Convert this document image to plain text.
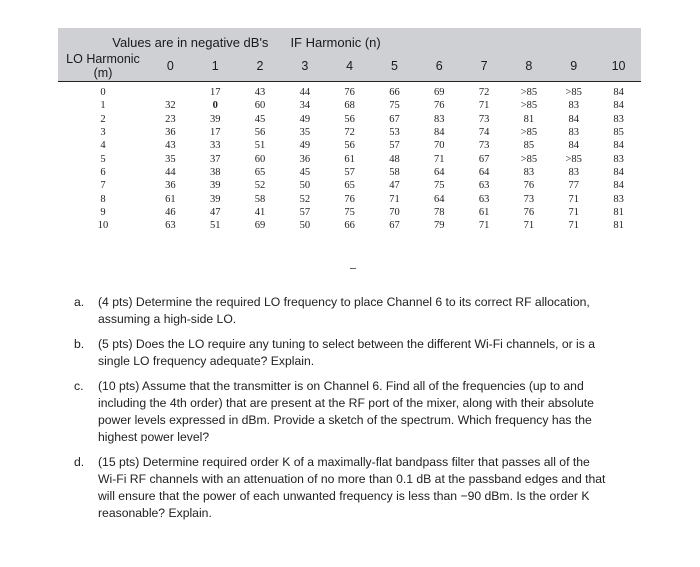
Values are in negative dB's				IF Harmonic (n)							
LO Harmonic (m)	0	1	2	3	4	5	6	7	8	9	10
0		17	43	44	76	66	69	72	>85	>85	84
1	32	0	60	34	68	75	76	71	>85	83	84
2	23	39	45	49	56	67	83	73	81	84	83
3	36	17	56	35	72	53	84	74	>85	83	85
4	43	33	51	49	56	57	70	73	85	84	84
5	35	37	60	36	61	48	71	67	>85	>85	83
6	44	38	65	45	57	58	64	64	83	83	84
7	36	39	52	50	65	47	75	63	76	77	84
8	61	39	58	52	76	71	64	63	73	71	83
9	46	47	41	57	75	70	78	61	76	71	81
10	63	51	69	50	66	67	79	71	71	71	81
a. (4 pts) Determine the required LO frequency to place Channel 6 to its correct RF allocation,
assuming a high-side LO.
b. (5 pts) Does the LO require any tuning to select between the different Wi-Fi channels, or is a
single LO frequency adequate? Explain.
c. (10 pts) Assume that the transmitter is on Channel 6. Find all of the frequencies (up to and
including the 4th order) that are present at the RF port of the mixer, along with their absolute
power levels expressed in dBm. Provide a sketch of the spectrum. Which frequency has the
highest power level?
d. (15 pts) Determine required order K of a maximally-flat bandpass filter that passes all of the
Wi-Fi RF channels with an attenuation of no more than 0.1 dB at the passband edges and that
will ensure that the power of each unwanted frequency is less than −90 dBm. Is the order K
reasonable? Explain.
